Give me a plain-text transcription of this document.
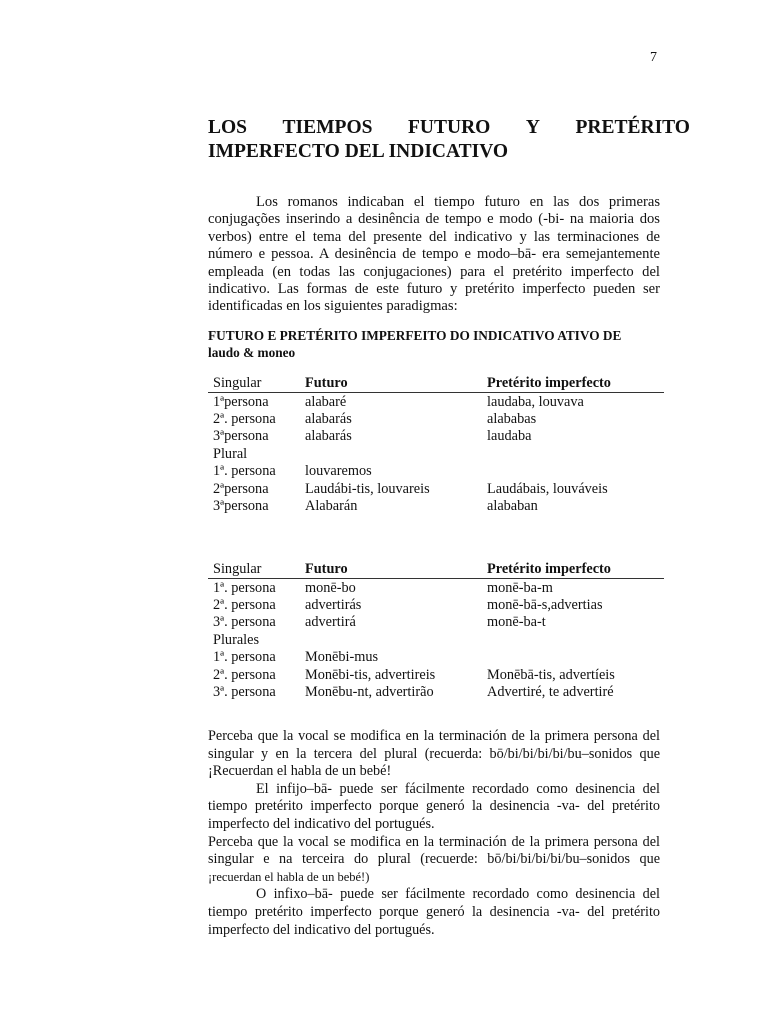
7
LOS TIEMPOS FUTURO Y PRETÉRITO
IMPERFECTO DEL INDICATIVO

Los romanos indicaban el tiempo futuro en las dos primeras conjugações inserindo a desinência de tempo e modo (-bi- na maioria dos verbos) entre el tema del presente del indicativo y las terminaciones de número e pessoa. A desinência de tempo e modo–bā- era semejantemente empleada (en todas las conjugaciones) para el pretérito imperfecto del indicativo. Las formas de este futuro y pretérito imperfecto pueden ser identificadas en los siguientes paradigmas:

FUTURO E PRETÉRITO IMPERFEITO DO INDICATIVO ATIVO DE
laudo & moneo
Singular	Futuro	Pretérito imperfecto
1ªpersona	alabaré	laudaba, louvava
2ª. persona	alabarás	alababas
3ªpersona	alabarás	laudaba
Plural		
1ª. persona	louvaremos	
2ªpersona	Laudábi-tis, louvareis	Laudábais, louváveis
3ªpersona	Alabarán	alababan
Singular	Futuro	Pretérito imperfecto
1ª. persona	monē-bo	monē-ba-m
2ª. persona	advertirás	monē-bā-s,advertias
3ª. persona	advertirá	monē-ba-t
Plurales		
1ª. persona	Monēbi-mus	
2ª. persona	Monēbi-tis, advertireis	Monēbā-tis, advertíeis
3ª. persona	Monēbu-nt, advertirão	Advertiré, te advertiré

Perceba que la vocal se modifica en la terminación de la primera persona del singular y en la tercera del plural (recuerda: bō/bi/bi/bi/bi/bu–sonidos que ¡Recuerdan el habla de un bebé!

El infijo–bā- puede ser fácilmente recordado como desinencia del tiempo pretérito imperfecto porque generó la desinencia -va- del pretérito imperfecto del indicativo del portugués.

Perceba que la vocal se modifica en la terminación de la primera persona del singular e na terceira do plural (recuerde: bō/bi/bi/bi/bi/bu–sonidos que ¡recuerdan el habla de un bebé!)

O infixo–bā- puede ser fácilmente recordado como desinencia del tiempo pretérito imperfecto porque generó la desinencia -va- del pretérito imperfecto del indicativo del portugués.
